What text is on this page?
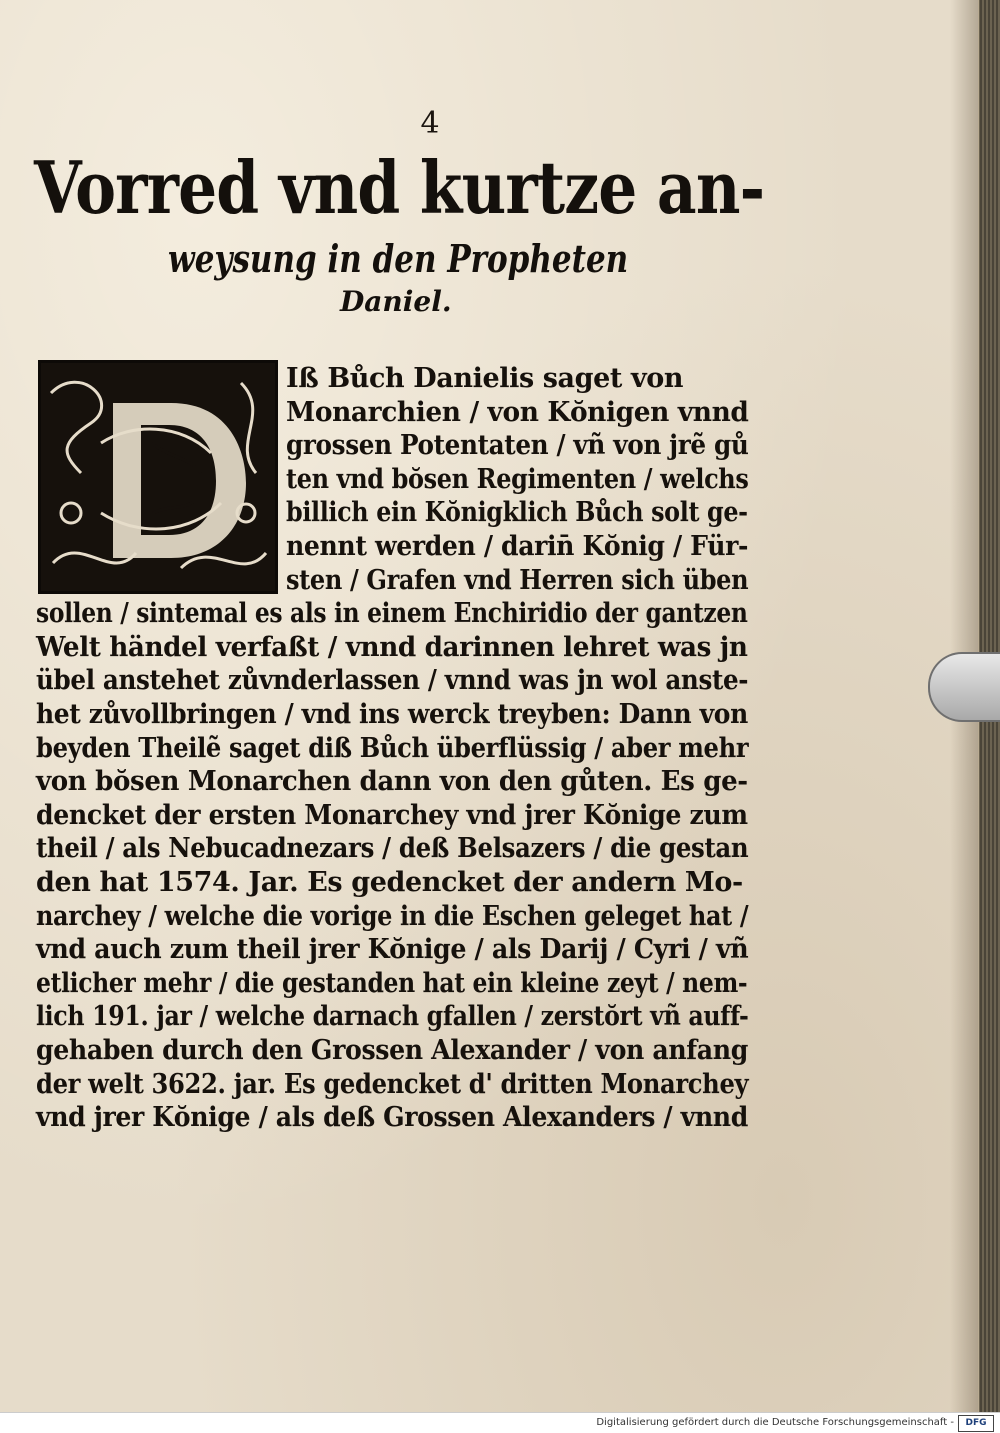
4
Vorred vnd kurtze an-
weysung in den Propheten
Daniel.
Iß Bůch Danielis saget von
Monarchien / von Kŏnigen vnnd
grossen Potentaten / vñ von jrẽ gů
ten vnd bŏsen Regimenten / welchs
billich ein Kŏnigklich Bůch solt ge-
nennt werden / darin̄ Kŏnig / Für-
sten / Grafen vnd Herren sich üben
sollen / sintemal es als in einem Enchiridio der gantzen
Welt händel verfaßt / vnnd darinnen lehret was jn
übel anstehet zůvnderlassen / vnnd was jn wol anste-
het zůvollbringen / vnd ins werck treyben: Dann von
beyden Theilẽ saget diß Bůch überflüssig / aber mehr
von bŏsen Monarchen dann von den gůten. Es ge-
dencket der ersten Monarchey vnd jrer Kŏnige zum
theil / als Nebucadnezars / deß Belsazers / die gestan
den hat 1574. Jar. Es gedencket der andern Mo-
narchey / welche die vorige in die Eschen geleget hat /
vnd auch zum theil jrer Kŏnige / als Darij / Cyri / vñ
etlicher mehr / die gestanden hat ein kleine zeyt / nem-
lich 191. jar / welche darnach gfallen / zerstŏrt vñ auff-
gehaben durch den Grossen Alexander / von anfang
der welt 3622. jar. Es gedencket d' dritten Monarchey
vnd jrer Kŏnige / als deß Grossen Alexanders / vnnd
Digitalisierung gefördert durch die Deutsche Forschungsgemeinschaft -	DFG
